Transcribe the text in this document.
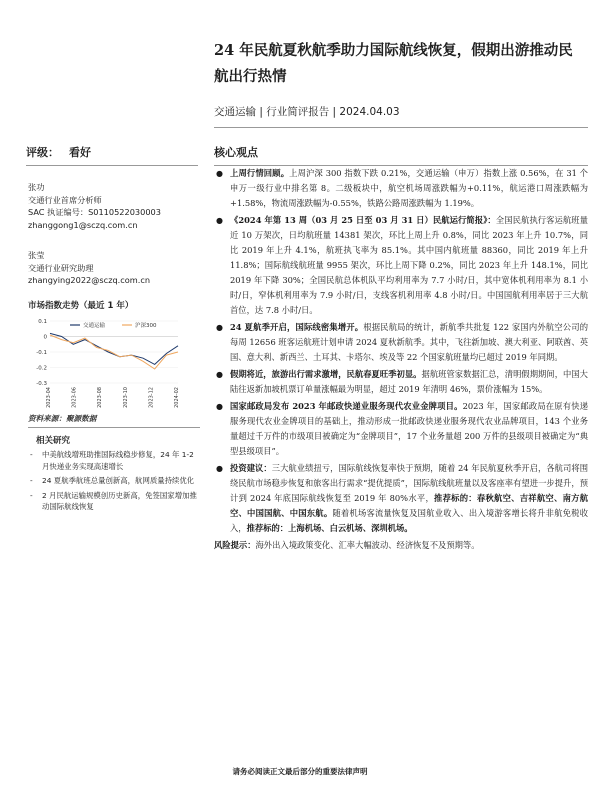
24 年民航夏秋航季助力国际航线恢复，假期出游推动民航出行热情
交通运输 | 行业简评报告 | 2024.04.03
评级： 看好	核心观点
张功
交通行业首席分析师
SAC 执证编号：S0110522030003
zhanggong1@sczq.com.cn
张莹
交通行业研究助理
zhangying2022@sczq.com.cn
市场指数走势（最近 1 年）
0.1
0
-0.1
-0.2
-0.3
2023-04	2023-06	2023-08	2023-10	2023-12	2024-02
交通运输	沪深300
资料来源：聚源数据
相关研究
-	中美航线增班助推国际线稳步修复，24 年 1-2 月快递业务实现高速增长
-	24 夏航季航班总量创新高，航网质量持续优化
-	2 月民航运输规模创历史新高，免签国家增加推动国际航线恢复
● 上周行情回顾。上周沪深 300 指数下跌 0.21%，交通运输（申万）指数上涨 0.56%，在 31 个申万一级行业中排名第 8。二级板块中，航空机场周涨跌幅为+0.11%，航运港口周涨跌幅为+1.58%，物流周涨跌幅为-0.55%，铁路公路周涨跌幅为 1.19%。
● 《2024 年第 13 周（03 月 25 日至 03 月 31 日）民航运行简报》：全国民航执行客运航班量近 10 万架次，日均航班量 14381 架次，环比上周上升 0.8%，同比 2023 年上升 10.7%，同比 2019 年上升 4.1%，航班执飞率为 85.1%。其中国内航班量 88360，同比 2019 年上升 11.8%；国际航线航班量 9955 架次，环比上周下降 0.2%，同比 2023 年上升 148.1%，同比 2019 年下降 30%；全国民航总体机队平均利用率为 7.7 小时/日，其中宽体机利用率为 8.1 小时/日，窄体机利用率为 7.9 小时/日，支线客机利用率 4.8 小时/日。中国国航利用率居于三大航首位，达 7.8 小时/日。
● 24 夏航季开启，国际线密集增开。根据民航局的统计，新航季共批复 122 家国内外航空公司的每周 12656 班客运航班计划申请 2024 夏秋新航季。其中，飞往新加坡、澳大利亚、阿联酋、英国、意大利、新西兰、土耳其、卡塔尔、埃及等 22 个国家航班量均已超过 2019 年同期。
● 假期将近，旅游出行需求激增，民航春夏旺季初显。据航班管家数据汇总，清明假期期间，中国大陆往返新加坡机票订单量涨幅最为明显，超过 2019 年清明 46%，票价涨幅为 15%。
● 国家邮政局发布 2023 年邮政快递业服务现代农业金牌项目。2023 年，国家邮政局在原有快递服务现代农业金牌项目的基础上，推动形成一批邮政快递业服务现代农业品牌项目，143 个业务量超过千万件的市级项目被确定为“金牌项目”，17 个业务量超 200 万件的县级项目被确定为“典型县级项目”。
● 投资建议：三大航业绩扭亏，国际航线恢复率快于预期，随着 24 年民航夏秋季开启，各航司将围绕民航市场稳步恢复和旅客出行需求“提优提质”，国际航线航班量以及客座率有望进一步提升，预计到 2024 年底国际航线恢复至 2019 年 80%水平，推荐标的：春秋航空、吉祥航空、南方航空、中国国航、中国东航。随着机场客流量恢复及国航业收入、出入境游客增长将升非航免税收入，推荐标的：上海机场、白云机场、深圳机场。
风险提示：海外出入境政策变化、汇率大幅波动、经济恢复不及预期等。
请务必阅读正文最后部分的重要法律声明
